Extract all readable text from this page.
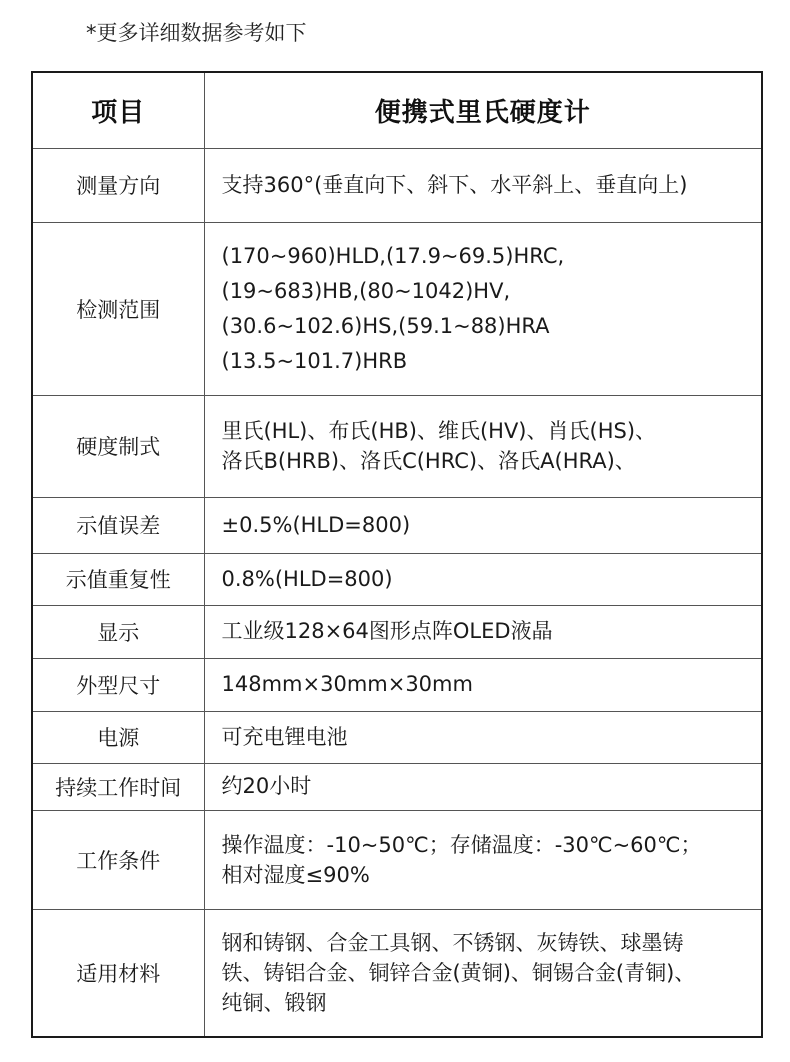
*更多详细数据参考如下
项目	便携式里氏硬度计
测量方向	支持360°(垂直向下、斜下、水平斜上、垂直向上)

检测范围	(170~960)HLD,(17.9~69.5)HRC,
(19~683)HB,(80~1042)HV,
(30.6~102.6)HS,(59.1~88)HRA
(13.5~101.7)HRB

硬度制式	里氏(HL)、布氏(HB)、维氏(HV)、肖氏(HS)、
洛氏B(HRB)、洛氏C(HRC)、洛氏A(HRA)、

示值误差	±0.5%(HLD=800)

示值重复性	0.8%(HLD=800)

显示	工业级128×64图形点阵OLED液晶

外型尺寸	148mm×30mm×30mm

电源	可充电锂电池

持续工作时间	约20小时

工作条件	操作温度：-10~50℃；存储温度：-30℃~60℃；
相对湿度≤90%

适用材料	钢和铸钢、合金工具钢、不锈钢、灰铸铁、球墨铸
铁、铸铝合金、铜锌合金(黄铜)、铜锡合金(青铜)、
纯铜、锻钢
